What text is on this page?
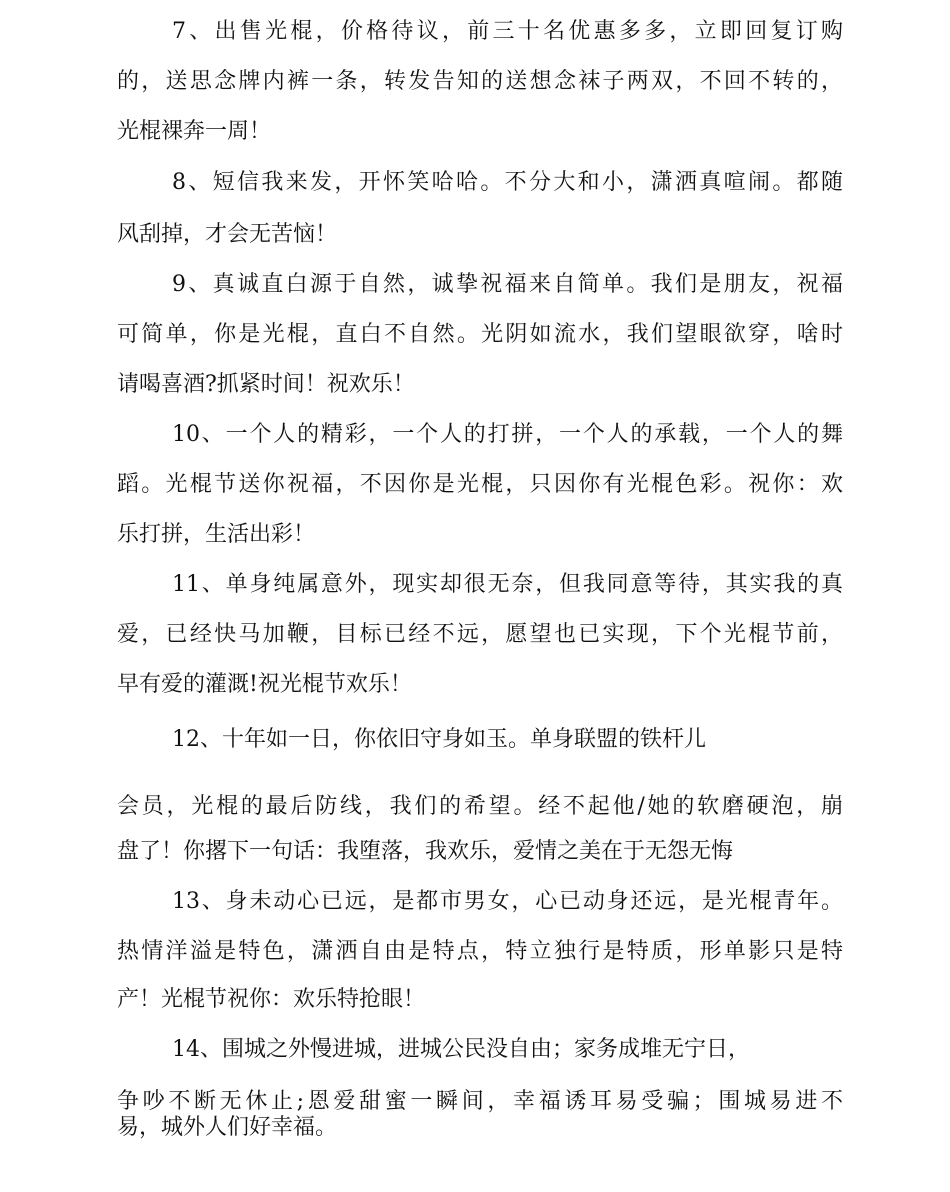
7、出售光棍，价格待议，前三十名优惠多多，立即回复订购
的，送思念牌内裤一条，转发告知的送想念袜子两双，不回不转的，
光棍裸奔一周！
8、短信我来发，开怀笑哈哈。不分大和小，潇洒真喧闹。都随
风刮掉，才会无苦恼！
9、真诚直白源于自然，诚挚祝福来自简单。我们是朋友，祝福
可简单，你是光棍，直白不自然。光阴如流水，我们望眼欲穿，啥时
请喝喜酒?抓紧时间！祝欢乐！
10、一个人的精彩，一个人的打拼，一个人的承载，一个人的舞
蹈。光棍节送你祝福，不因你是光棍，只因你有光棍色彩。祝你：欢
乐打拼，生活出彩！
11、单身纯属意外，现实却很无奈，但我同意等待，其实我的真
爱，已经快马加鞭，目标已经不远，愿望也已实现，下个光棍节前，
早有爱的灌溉!祝光棍节欢乐！
12、十年如一日，你依旧守身如玉。单身联盟的铁杆儿
会员，光棍的最后防线，我们的希望。经不起他/她的软磨硬泡，崩
盘了！你撂下一句话：我堕落，我欢乐，爱情之美在于无怨无悔
13、身未动心已远，是都市男女，心已动身还远，是光棍青年。
热情洋溢是特色，潇洒自由是特点，特立独行是特质，形单影只是特
产！光棍节祝你：欢乐特抢眼！
14、围城之外慢进城，进城公民没自由；家务成堆无宁日，
争吵不断无休止;恩爱甜蜜一瞬间，幸福诱耳易受骗；围城易进不
易，城外人们好幸福。
